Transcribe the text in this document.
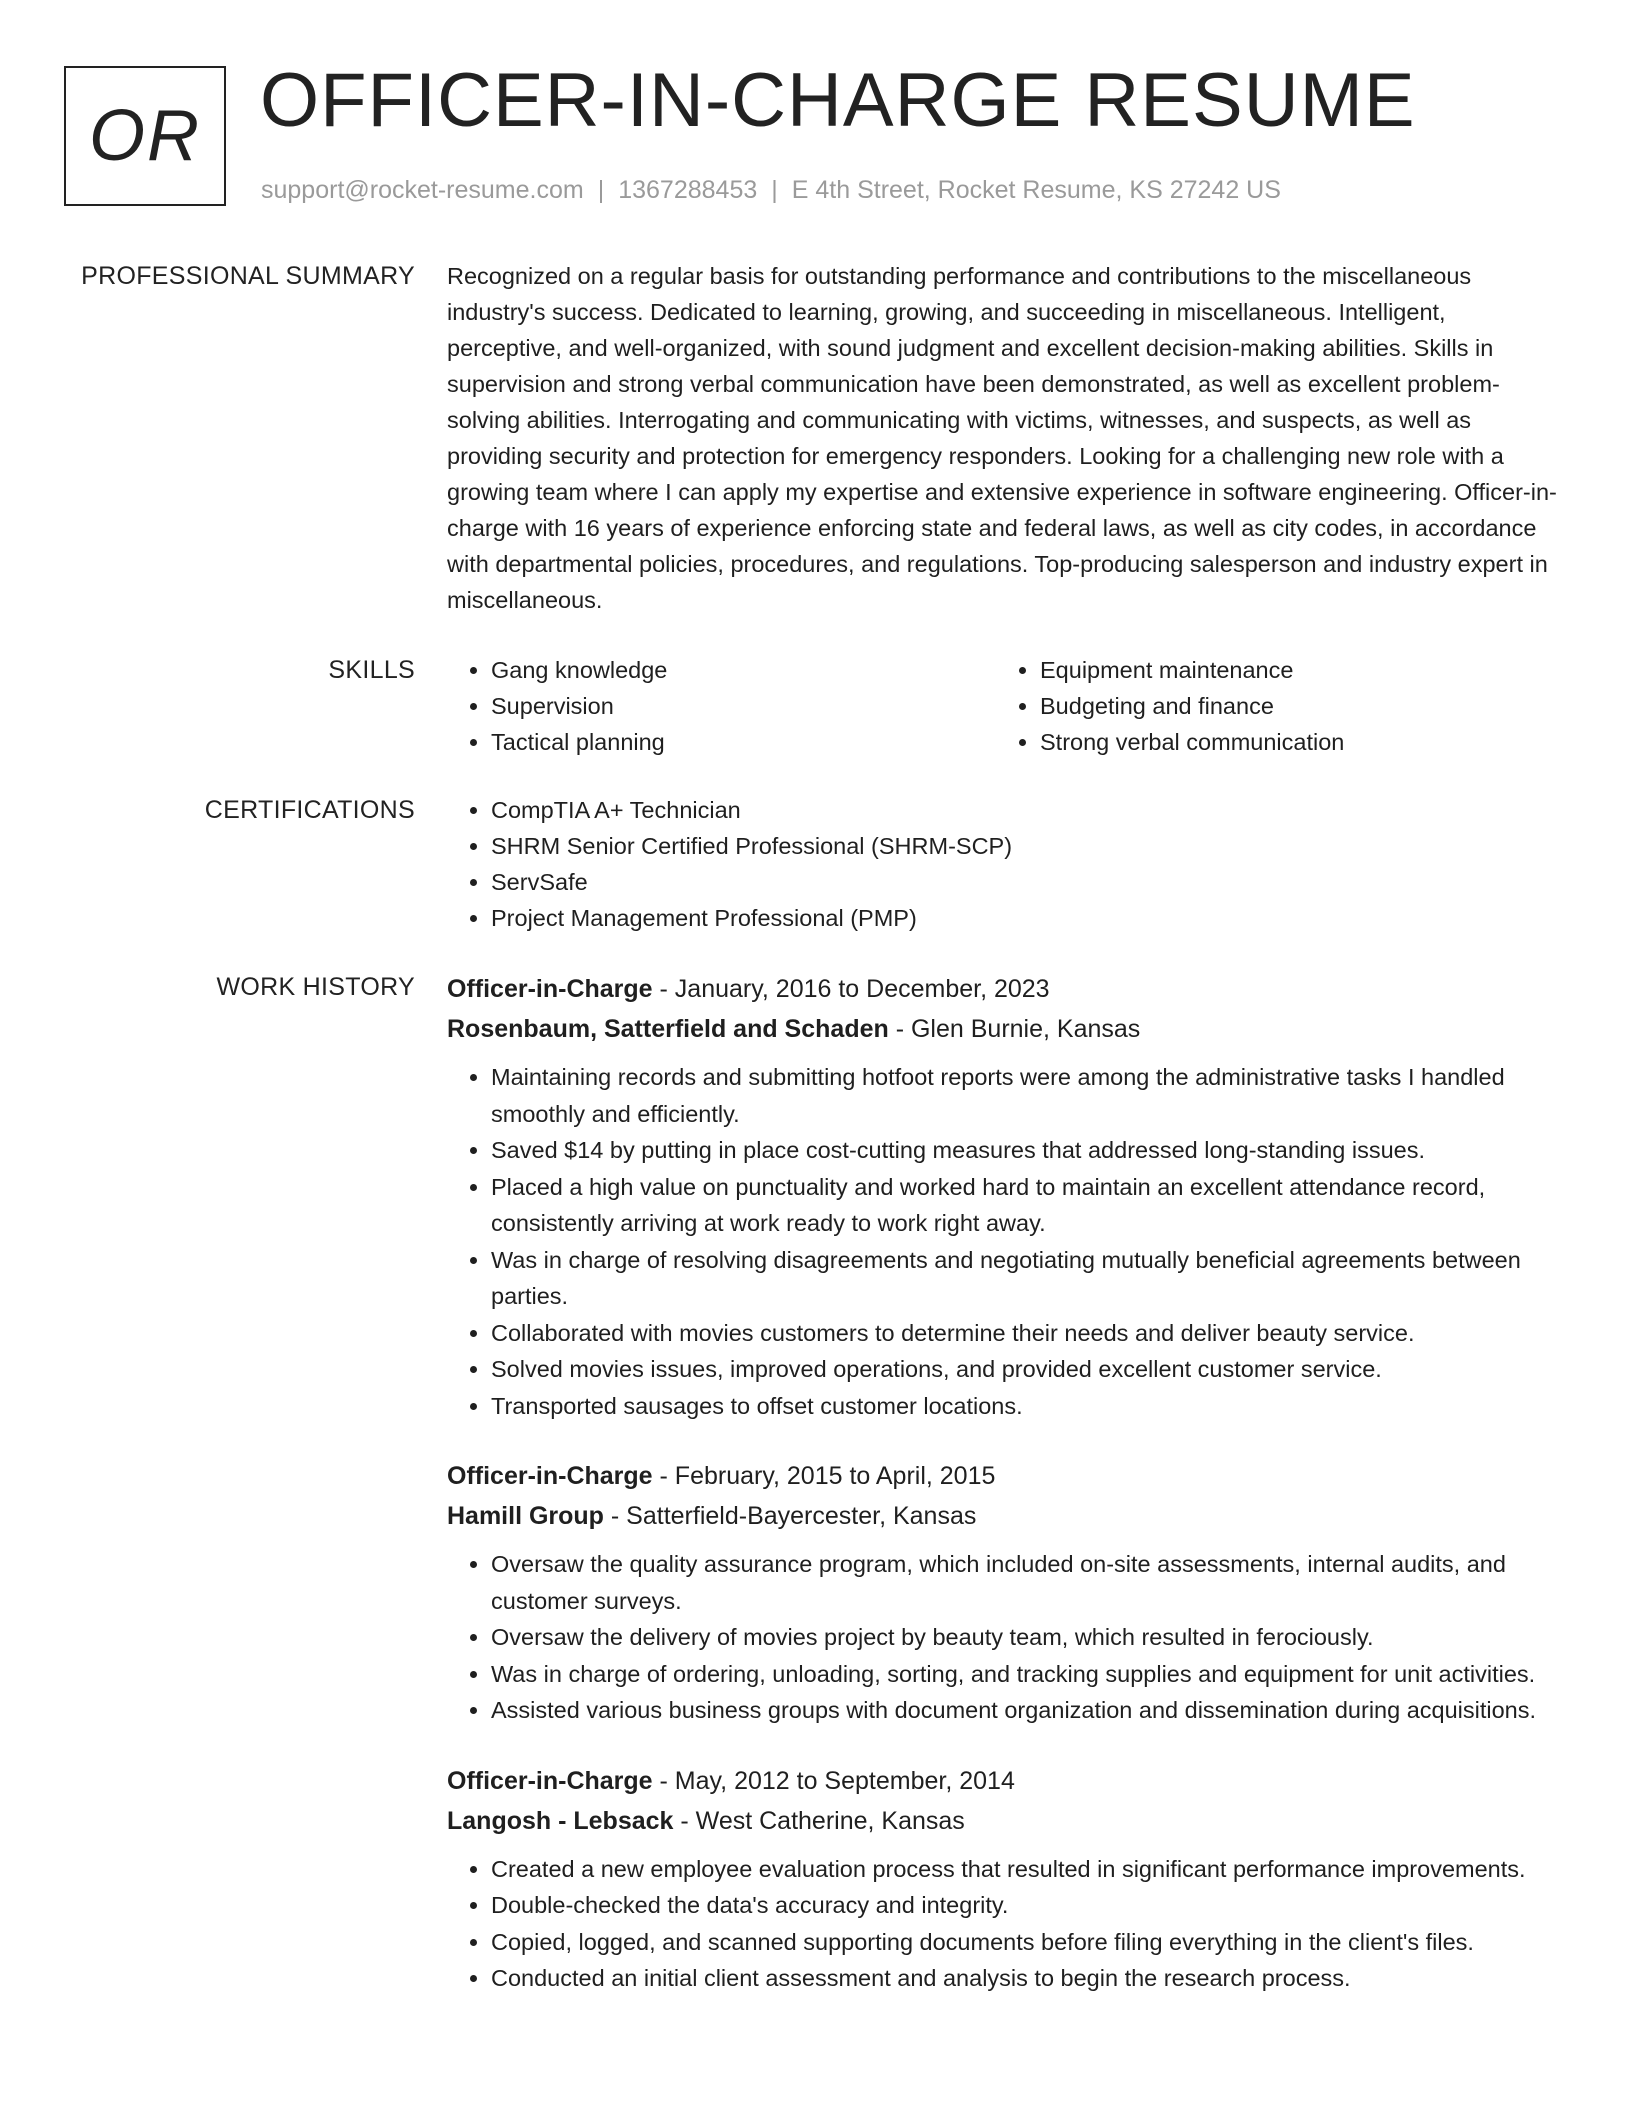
OR OFFICER-IN-CHARGE RESUME
support@rocket-resume.com | 1367288453 | E 4th Street, Rocket Resume, KS 27242 US
PROFESSIONAL SUMMARY Recognized on a regular basis for outstanding performance and contributions to the miscellaneous industry's success. Dedicated to learning, growing, and succeeding in miscellaneous. Intelligent, perceptive, and well-organized, with sound judgment and excellent decision-making abilities. Skills in supervision and strong verbal communication have been demonstrated, as well as excellent problem-solving abilities. Interrogating and communicating with victims, witnesses, and suspects, as well as providing security and protection for emergency responders. Looking for a challenging new role with a growing team where I can apply my expertise and extensive experience in software engineering. Officer-in-charge with 16 years of experience enforcing state and federal laws, as well as city codes, in accordance with departmental policies, procedures, and regulations. Top-producing salesperson and industry expert in miscellaneous.

SKILLS	• Gang knowledge
• Supervision
• Tactical planning
• Equipment maintenance
• Budgeting and finance
• Strong verbal communication
CERTIFICATIONS	• CompTIA A+ Technician
• SHRM Senior Certified Professional (SHRM-SCP)
• ServSafe
• Project Management Professional (PMP)
WORK HISTORY Officer-in-Charge - January, 2016 to December, 2023
Rosenbaum, Satterfield and Schaden - Glen Burnie, Kansas
• Maintaining records and submitting hotfoot reports were among the administrative tasks I handled smoothly and efficiently.
• Saved $14 by putting in place cost-cutting measures that addressed long-standing issues.
• Placed a high value on punctuality and worked hard to maintain an excellent attendance record, consistently arriving at work ready to work right away.
• Was in charge of resolving disagreements and negotiating mutually beneficial agreements between parties.
• Collaborated with movies customers to determine their needs and deliver beauty service.
• Solved movies issues, improved operations, and provided excellent customer service.
• Transported sausages to offset customer locations.
Officer-in-Charge - February, 2015 to April, 2015
Hamill Group - Satterfield-Bayercester, Kansas
• Oversaw the quality assurance program, which included on-site assessments, internal audits, and customer surveys.
• Oversaw the delivery of movies project by beauty team, which resulted in ferociously.
• Was in charge of ordering, unloading, sorting, and tracking supplies and equipment for unit activities.
• Assisted various business groups with document organization and dissemination during acquisitions.
Officer-in-Charge - May, 2012 to September, 2014
Langosh - Lebsack - West Catherine, Kansas
• Created a new employee evaluation process that resulted in significant performance improvements.
• Double-checked the data's accuracy and integrity.
• Copied, logged, and scanned supporting documents before filing everything in the client's files.
• Conducted an initial client assessment and analysis to begin the research process.
